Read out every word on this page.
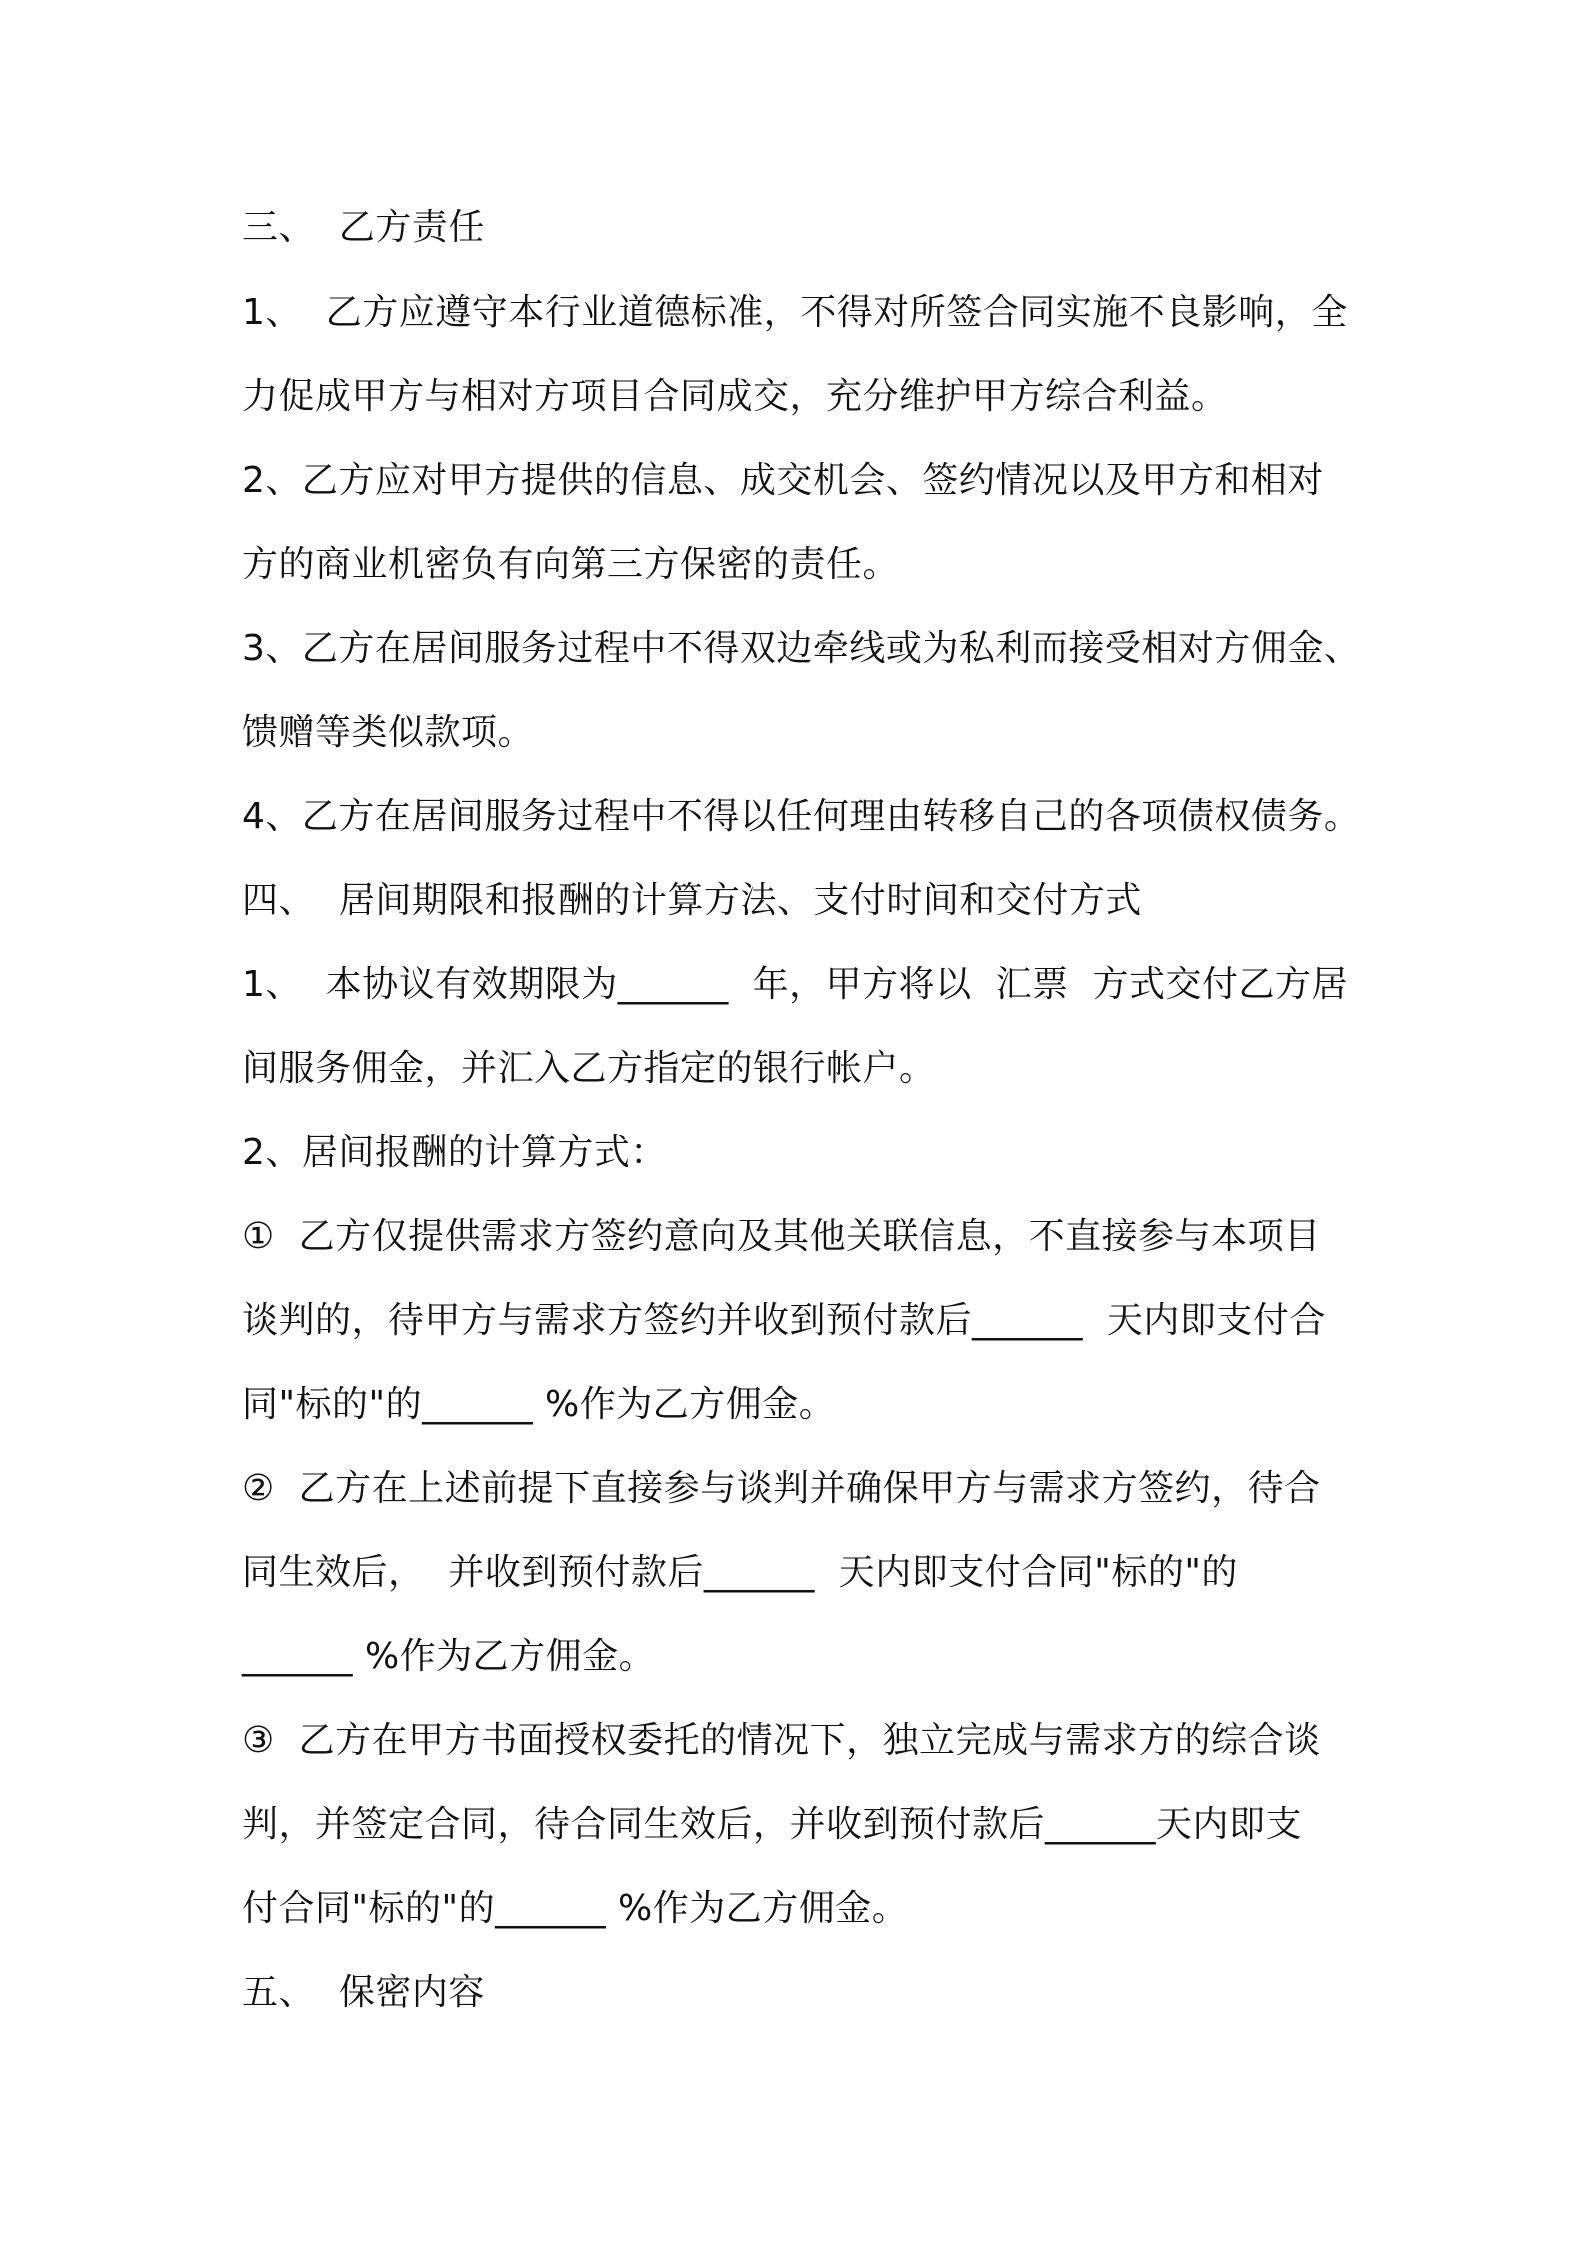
三、  乙方责任
1、  乙方应遵守本行业道德标准，不得对所签合同实施不良影响，全
力促成甲方与相对方项目合同成交，充分维护甲方综合利益。
2、乙方应对甲方提供的信息、成交机会、签约情况以及甲方和相对
方的商业机密负有向第三方保密的责任。
3、乙方在居间服务过程中不得双边牵线或为私利而接受相对方佣金、
馈赠等类似款项。
4、乙方在居间服务过程中不得以任何理由转移自己的各项债权债务。
四、  居间期限和报酬的计算方法、支付时间和交付方式
1、  本协议有效期限为______  年，甲方将以  汇票  方式交付乙方居
间服务佣金，并汇入乙方指定的银行帐户。
2、居间报酬的计算方式：
①  乙方仅提供需求方签约意向及其他关联信息，不直接参与本项目
谈判的，待甲方与需求方签约并收到预付款后______  天内即支付合
同"标的"的______ %作为乙方佣金。
②  乙方在上述前提下直接参与谈判并确保甲方与需求方签约，待合
同生效后，  并收到预付款后______  天内即支付合同"标的"的
______ %作为乙方佣金。
③  乙方在甲方书面授权委托的情况下，独立完成与需求方的综合谈
判，并签定合同，待合同生效后，并收到预付款后______天内即支
付合同"标的"的______ %作为乙方佣金。
五、  保密内容
